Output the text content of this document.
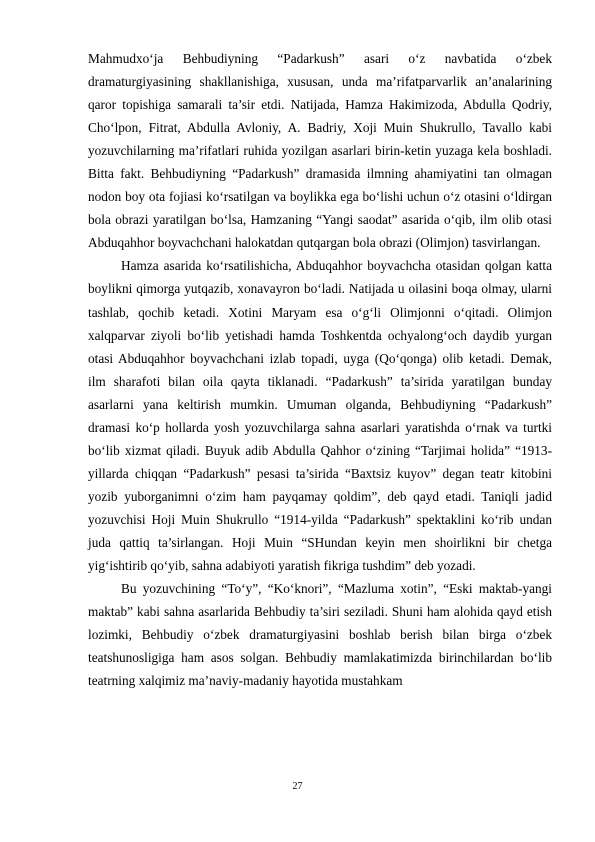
Mahmudxo‘ja Behbudiyning “Padarkush” asari o‘z navbatida o‘zbek dramaturgiyasining shakllanishiga, xususan, unda ma’rifatparvarlik an’analarining qaror topishiga samarali ta’sir etdi. Natijada, Hamza Hakimizoda, Abdulla Qodriy, Cho‘lpon, Fitrat, Abdulla Avloniy, A. Badriy, Xoji Muin Shukrullo, Tavallo kabi yozuvchilarning ma’rifatlari ruhida yozilgan asarlari birin-ketin yuzaga kela boshladi. Bitta fakt. Behbudiyning “Padarkush” dramasida ilmning ahamiyatini tan olmagan nodon boy ota fojiasi ko‘rsatilgan va boylikka ega bo‘lishi uchun o‘z otasini o‘ldirgan bola obrazi yaratilgan bo‘lsa, Hamzaning “Yangi saodat” asarida o‘qib, ilm olib otasi Abduqahhor boyvachchani halokatdan qutqargan bola obrazi (Olimjon) tasvirlangan.

Hamza asarida ko‘rsatilishicha, Abduqahhor boyvachcha otasidan qolgan katta boylikni qimorga yutqazib, xonavayron bo‘ladi. Natijada u oilasini boqa olmay, ularni tashlab, qochib ketadi. Xotini Maryam esa o‘g‘li Olimjonni o‘qitadi. Olimjon xalqparvar ziyoli bo‘lib yetishadi hamda Toshkentda ochyalong‘och daydib yurgan otasi Abduqahhor boyvachchani izlab topadi, uyga (Qo‘qonga) olib ketadi. Demak, ilm sharafoti bilan oila qayta tiklanadi. “Padarkush” ta’sirida yaratilgan bunday asarlarni yana keltirish mumkin. Umuman olganda, Behbudiyning “Padarkush” dramasi ko‘p hollarda yosh yozuvchilarga sahna asarlari yaratishda o‘rnak va turtki bo‘lib xizmat qiladi. Buyuk adib Abdulla Qahhor o‘zining “Tarjimai holida” “1913-yillarda chiqqan “Padarkush” pesasi ta’sirida “Baxtsiz kuyov” degan teatr kitobini yozib yuborganimni o‘zim ham payqamay qoldim”, deb qayd etadi. Taniqli jadid yozuvchisi Hoji Muin Shukrullo “1914-yilda “Padarkush” spektaklini ko‘rib undan juda qattiq ta’sirlangan. Hoji Muin “SHundan keyin men shoirlikni bir chetga yig‘ishtirib qo‘yib, sahna adabiyoti yaratish fikriga tushdim” deb yozadi.

Bu yozuvchining “To‘y”, “Ko‘knori”, “Mazluma xotin”, “Eski maktab-yangi maktab” kabi sahna asarlarida Behbudiy ta’siri seziladi. Shuni ham alohida qayd etish lozimki, Behbudiy o‘zbek dramaturgiyasini boshlab berish bilan birga o‘zbek teatshunosligiga ham asos solgan. Behbudiy mamlakatimizda birinchilardan bo‘lib teatrning xalqimiz ma’naviy-madaniy hayotida mustahkam

27
